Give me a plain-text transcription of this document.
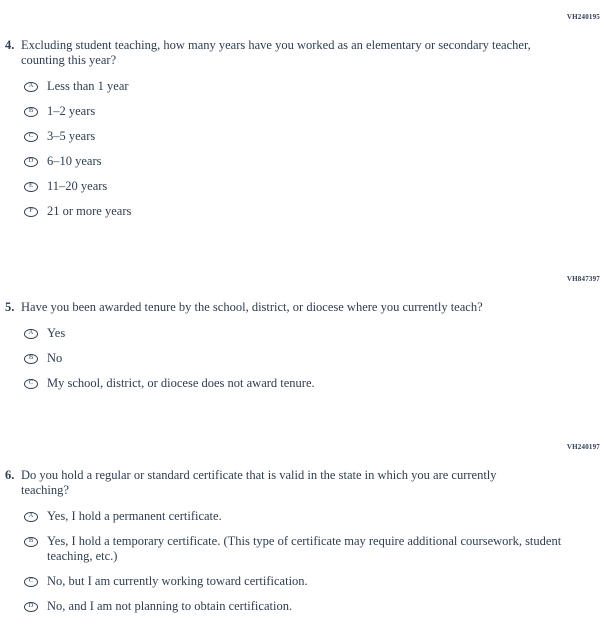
VH240195
4. Excluding student teaching, how many years have you worked as an elementary or secondary teacher, counting this year?
A Less than 1 year
B 1–2 years
C 3–5 years
D 6–10 years
E 11–20 years
F 21 or more years
VH847397
5. Have you been awarded tenure by the school, district, or diocese where you currently teach?
A Yes
B No
C My school, district, or diocese does not award tenure.
VH240197
6. Do you hold a regular or standard certificate that is valid in the state in which you are currently teaching?
A Yes, I hold a permanent certificate.
B Yes, I hold a temporary certificate. (This type of certificate may require additional coursework, student teaching, etc.)
C No, but I am currently working toward certification.
D No, and I am not planning to obtain certification.
